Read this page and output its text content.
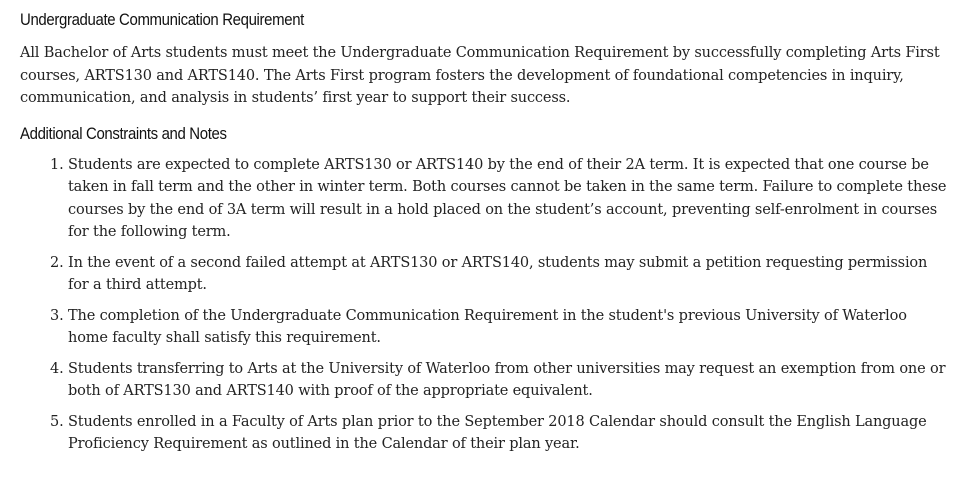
Undergraduate Communication Requirement

All Bachelor of Arts students must meet the Undergraduate Communication Requirement by successfully completing Arts First courses, ARTS130 and ARTS140. The Arts First program fosters the development of foundational competencies in inquiry, communication, and analysis in students’ first year to support their success.

Additional Constraints and Notes
1. Students are expected to complete ARTS130 or ARTS140 by the end of their 2A term. It is expected that one course be taken in fall term and the other in winter term. Both courses cannot be taken in the same term. Failure to complete these courses by the end of 3A term will result in a hold placed on the student’s account, preventing self-enrolment in courses for the following term.
2. In the event of a second failed attempt at ARTS130 or ARTS140, students may submit a petition requesting permission for a third attempt.
3. The completion of the Undergraduate Communication Requirement in the student's previous University of Waterloo home faculty shall satisfy this requirement.
4. Students transferring to Arts at the University of Waterloo from other universities may request an exemption from one or both of ARTS130 and ARTS140 with proof of the appropriate equivalent.
5. Students enrolled in a Faculty of Arts plan prior to the September 2018 Calendar should consult the English Language Proficiency Requirement as outlined in the Calendar of their plan year.
